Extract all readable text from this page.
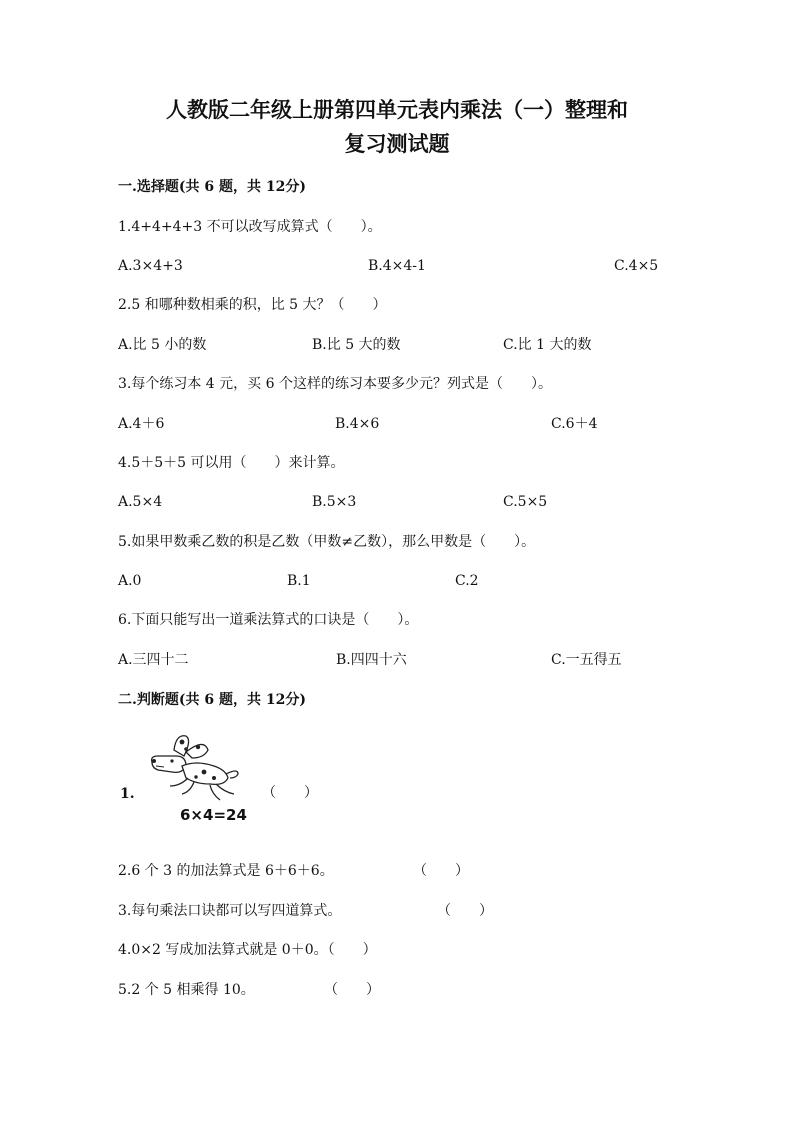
人教版二年级上册第四单元表内乘法（一）整理和
复习测试题
一.选择题(共 6 题，共 12分)
1.4+4+4+3 不可以改写成算式（　　）。
A.3×4+3	B.4×4-1	C.4×5
2.5 和哪种数相乘的积，比 5 大？（　　）
A.比 5 小的数	B.比 5 大的数	C.比 1 大的数
3.每个练习本 4 元，买 6 个这样的练习本要多少元？列式是（　　）。
A.4＋6	B.4×6	C.6＋4
4.5＋5＋5 可以用（　　）来计算。
A.5×4	B.5×3	C.5×5
5.如果甲数乘乙数的积是乙数（甲数≠乙数），那么甲数是（　　）。
A.0	B.1	C.2
6.下面只能写出一道乘法算式的口诀是（　　）。
A.三四十二	B.四四十六	C.一五得五
二.判断题(共 6 题，共 12分)
1.
6×4=24
（　　）
2.6 个 3 的加法算式是 6＋6＋6。	（　　）
3.每句乘法口诀都可以写四道算式。	（　　）
4.0×2 写成加法算式就是 0＋0。（　　）
5.2 个 5 相乘得 10。	（　　）
